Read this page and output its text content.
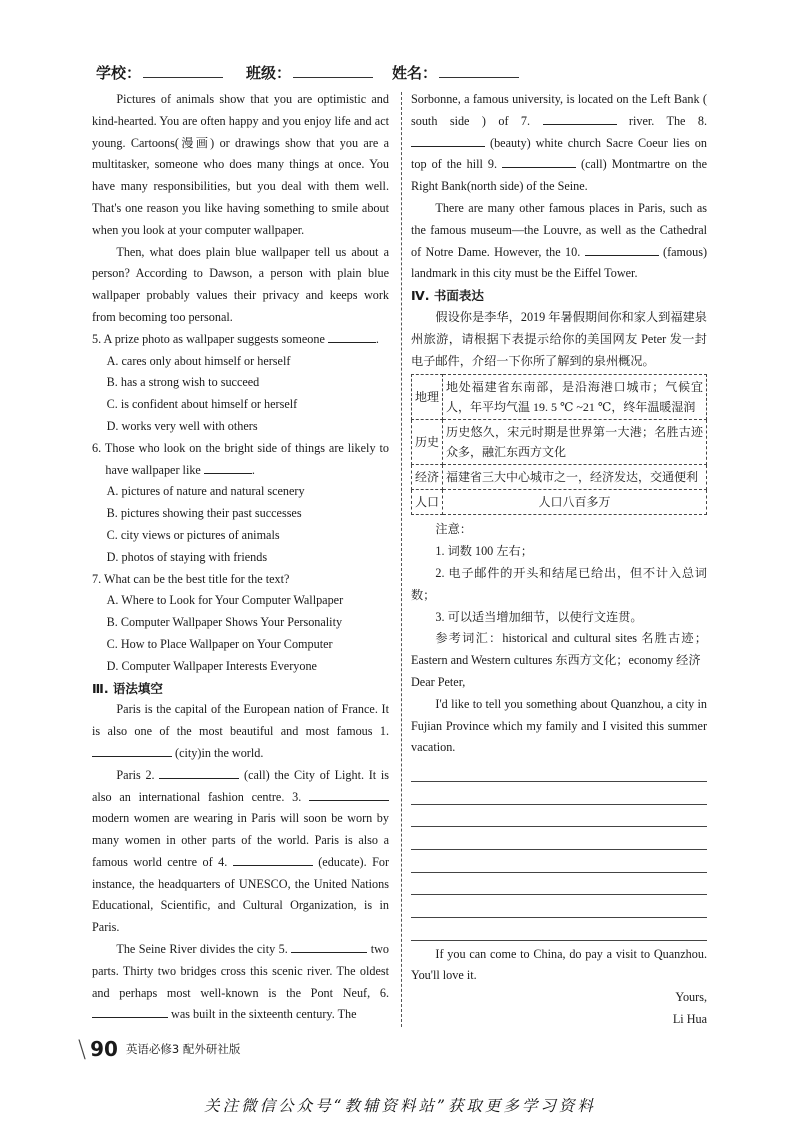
学校：	班级：	姓名：

Pictures of animals show that you are optimistic and kind-hearted. You are often happy and you enjoy life and act young. Cartoons(漫画) or drawings show that you are a multitasker, someone who does many things at once. You have many responsibilities, but you deal with them well. That's one reason you like having something to smile about when you look at your computer wallpaper.

Then, what does plain blue wallpaper tell us about a person? According to Dawson, a person with plain blue wallpaper probably values their privacy and keeps work from becoming too personal.

5. A prize photo as wallpaper suggests someone	.

A. cares only about himself or herself

B. has a strong wish to succeed

C. is confident about himself or herself

D. works very well with others

6. Those who look on the bright side of things are likely to have wallpaper like	.

A. pictures of nature and natural scenery

B. pictures showing their past successes

C. city views or pictures of animals

D. photos of staying with friends

7. What can be the best title for the text?

A. Where to Look for Your Computer Wallpaper

B. Computer Wallpaper Shows Your Personality

C. How to Place Wallpaper on Your Computer

D. Computer Wallpaper Interests Everyone

Ⅲ. 语法填空

Paris is the capital of the European nation of France. It is also one of the most beautiful and most famous 1.  (city)in the world.

Paris 2.	(call) the City of Light. It is also an international fashion centre. 3.  modern women are wearing in Paris will soon be worn by many women in other parts of the world. Paris is also a famous world centre of 4.	(educate). For instance, the headquarters of UNESCO, the United Nations Educational, Scientific, and Cultural Organization, is in Paris.

The Seine River divides the city 5.	two parts. Thirty two bridges cross this scenic river. The oldest and perhaps most well-known is the Pont Neuf, 6.  was built in the sixteenth century. The

Sorbonne, a famous university, is located on the Left Bank ( south side ) of 7.	river. The 8.  (beauty) white church Sacre Coeur lies on top of the hill 9.	(call) Montmartre on the Right Bank(north side) of the Seine.

There are many other famous places in Paris, such as the famous museum—the Louvre, as well as the Cathedral of Notre Dame. However, the 10.	(famous) landmark in this city must be the Eiffel Tower.

Ⅳ. 书面表达

假设你是李华，2019 年暑假期间你和家人到福建泉州旅游，请根据下表提示给你的美国网友 Peter 发一封电子邮件，介绍一下你所了解到的泉州概况。

地理	地处福建省东南部，是沿海港口城市；气候宜人，年平均气温 19. 5 ℃ ~21 ℃，终年温暖湿润
历史	历史悠久，宋元时期是世界第一大港；名胜古迹众多，融汇东西方文化
经济	福建省三大中心城市之一，经济发达，交通便利
人口	人口八百多万

注意：

1. 词数 100 左右；

2. 电子邮件的开头和结尾已给出，但不计入总词数；

3. 可以适当增加细节，以使行文连贯。

参考词汇：historical and cultural sites 名胜古迹；Eastern and Western cultures 东西方文化；economy 经济

Dear Peter,

I'd like to tell you something about Quanzhou, a city in Fujian Province which my family and I visited this summer vacation.

If you can come to China, do pay a visit to Quanzhou. You'll love it.

Yours,

Li Hua

\ 90 英语必修3 配外研社版
关注微信公众号“教辅资料站”获取更多学习资料
